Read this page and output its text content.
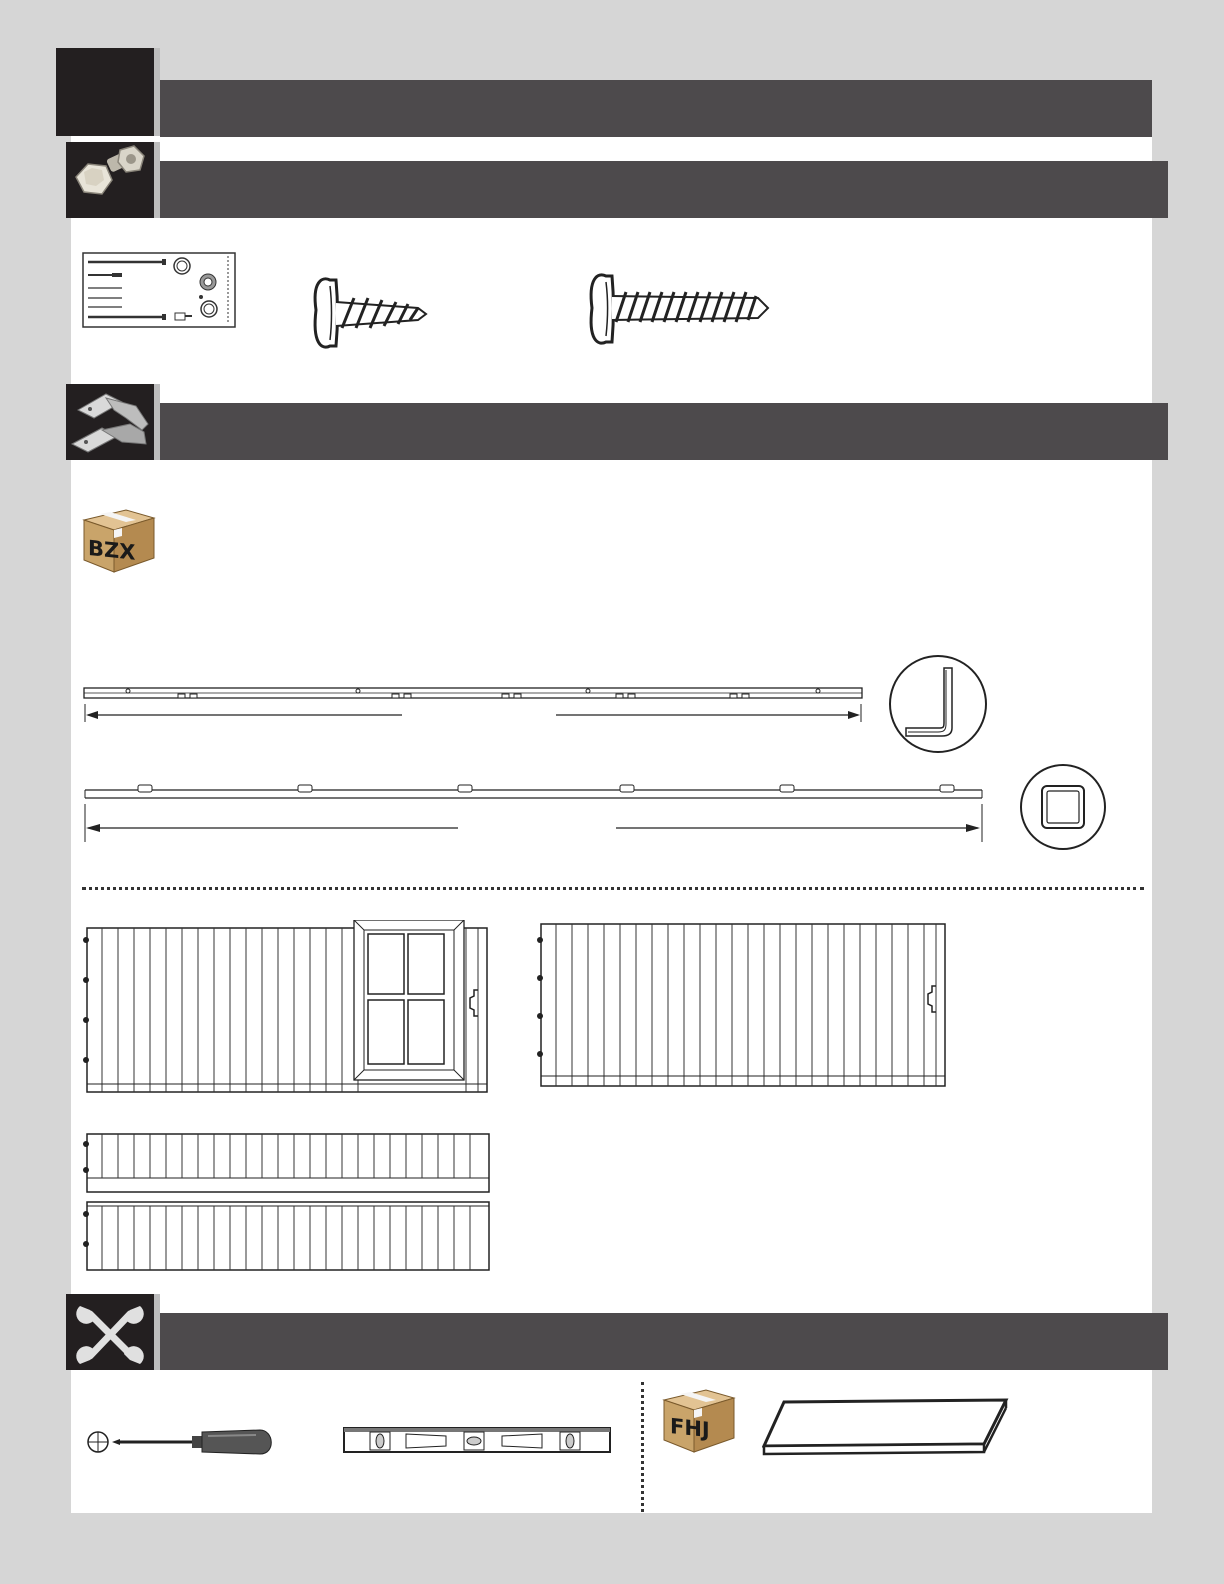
BZX
FHJ
